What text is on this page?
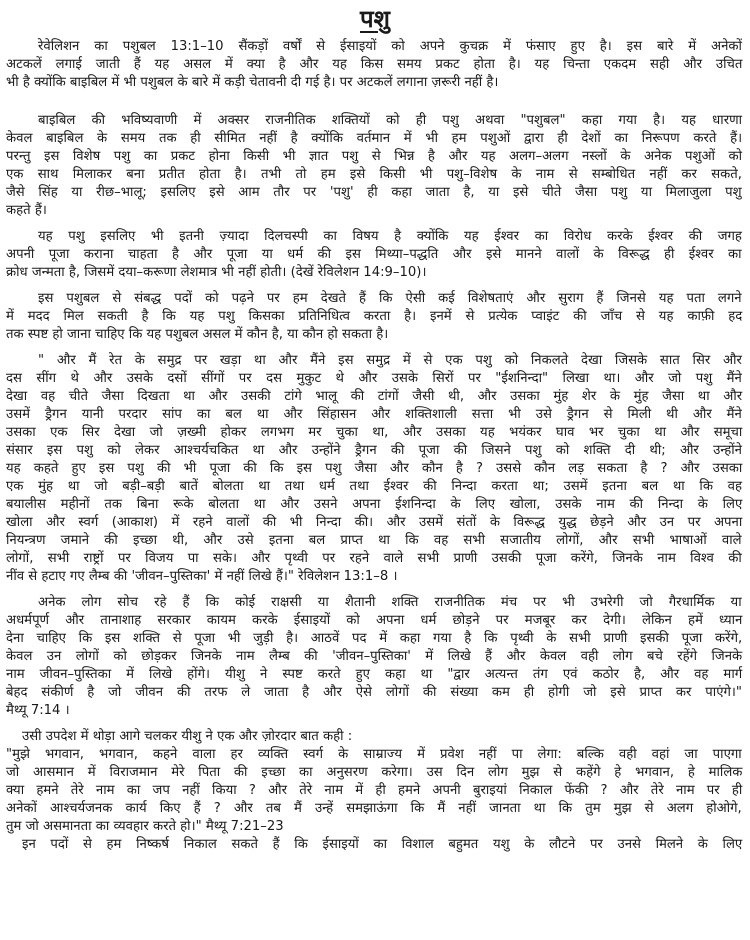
पशु

रेवेलिशन का पशुबल 13:1–10 सैंकड़ों वर्षों से ईसाइयों को अपने कुचक्र में फंसाए हुए है। इस बारे में अनेकों

अटकलें लगाई जाती हैं यह असल में क्या है और यह किस समय प्रकट होता है। यह चिन्ता एकदम सही और उचित

भी है क्योंकि बाइबिल में भी पशुबल के बारे में कड़ी चेतावनी दी गई है। पर अटकलें लगाना ज़रूरी नहीं है।

बाइबिल की भविष्यवाणी में अक्सर राजनीतिक शक्तियों को ही पशु अथवा "पशुबल" कहा गया है। यह धारणा

केवल बाइबिल के समय तक ही सीमित नहीं है क्योंकि वर्तमान में भी हम पशुओं द्वारा ही देशों का निरूपण करते हैं।

परन्तु इस विशेष पशु का प्रकट होना किसी भी ज्ञात पशु से भिन्न है और यह अलग–अलग नस्लों के अनेक पशुओं को

एक साथ मिलाकर बना प्रतीत होता है। तभी तो हम इसे किसी भी पशु–विशेष के नाम से सम्बोधित नहीं कर सकते,

जैसे सिंह या रीछ–भालू; इसलिए इसे आम तौर पर 'पशु' ही कहा जाता है, या इसे चीते जैसा पशु या मिलाजुला पशु

कहते हैं।

यह पशु इसलिए भी इतनी ज़्यादा दिलचस्पी का विषय है क्योंकि यह ईश्वर का विरोध करके ईश्वर की जगह

अपनी पूजा कराना चाहता है और पूजा या धर्म की इस मिथ्या–पद्धति और इसे मानने वालों के विरूद्ध ही ईश्वर का

क्रोध जन्मता है, जिसमें दया–करूणा लेशमात्र भी नहीं होती। (देखें रेविलेशन 14:9–10)।

इस पशुबल से संबद्ध पदों को पढ़ने पर हम देखते हैं कि ऐसी कई विशेषताएं और सुराग हैं जिनसे यह पता लगने

में मदद मिल सकती है कि यह पशु किसका प्रतिनिधित्व करता है। इनमें से प्रत्येक प्वाइंट की जाँच से यह काफ़ी हद

तक स्पष्ट हो जाना चाहिए कि यह पशुबल असल में कौन है, या कौन हो सकता है।

" और मैं रेत के समुद्र पर खड़ा था और मैंने इस समुद्र में से एक पशु को निकलते देखा जिसके सात सिर और

दस सींग थे और उसके दसों सींगों पर दस मुकुट थे और उसके सिरों पर "ईशनिन्दा" लिखा था। और जो पशु मैंने

देखा वह चीते जैसा दिखता था और उसकी टांगे भालू की टांगों जैसी थी, और उसका मुंह शेर के मुंह जैसा था और

उसमें ड्रैगन यानी परदार सांप का बल था और सिंहासन और शक्तिशाली सत्ता भी उसे ड्रैगन से मिली थी और मैंने

उसका एक सिर देखा जो ज़ख्मी होकर लगभग मर चुका था, और उसका यह भयंकर घाव भर चुका था और समूचा

संसार इस पशु को लेकर आश्चर्यचकित था और उन्होंने ड्रैगन की पूजा की जिसने पशु को शक्ति दी थी; और उन्होंने

यह कहते हुए इस पशु की भी पूजा की कि इस पशु जैसा और कौन है ? उससे कौन लड़ सकता है ? और उसका

एक मुंह था जो बड़ी–बड़ी बातें बोलता था तथा धर्म तथा ईश्वर की निन्दा करता था; उसमें इतना बल था कि वह

बयालीस महीनों तक बिना रूके बोलता था और उसने अपना ईशनिन्दा के लिए खोला, उसके नाम की निन्दा के लिए

खोला और स्वर्ग (आकाश) में रहने वालों की भी निन्दा की। और उसमें संतों के विरूद्ध युद्ध छेड़ने और उन पर अपना

नियन्त्रण जमाने की इच्छा थी, और उसे इतना बल प्राप्त था कि वह सभी सजातीय लोगों, और सभी भाषाओं वाले

लोगों, सभी राष्ट्रों पर विजय पा सके। और पृथ्वी पर रहने वाले सभी प्राणी उसकी पूजा करेंगे, जिनके नाम विश्व की

नींव से हटाए गए लैम्ब की 'जीवन–पुस्तिका' में नहीं लिखे हैं।" रेविलेशन 13:1–8 ।

अनेक लोग सोच रहे हैं कि कोई राक्षसी या शैतानी शक्ति राजनीतिक मंच पर भी उभरेगी जो गैरधार्मिक या

अधर्मपूर्ण और तानाशाह सरकार कायम करके ईसाइयों को अपना धर्म छोड़ने पर मजबूर कर देगी। लेकिन हमें ध्यान

देना चाहिए कि इस शक्ति से पूजा भी जुड़ी है। आठवें पद में कहा गया है कि पृथ्वी के सभी प्राणी इसकी पूजा करेंगे,

केवल उन लोगों को छोड़कर जिनके नाम लैम्ब की 'जीवन–पुस्तिका' में लिखे हैं और केवल वही लोग बचे रहेंगे जिनके

नाम जीवन–पुस्तिका में लिखे होंगे। यीशु ने स्पष्ट करते हुए कहा था "द्वार अत्यन्त तंग एवं कठोर है, और वह मार्ग

बेहद संकीर्ण है जो जीवन की तरफ ले जाता है और ऐसे लोगों की संख्या कम ही होगी जो इसे प्राप्त कर पाएंगे।"

मैथ्यू 7:14 ।

उसी उपदेश में थोड़ा आगे चलकर यीशु ने एक और ज़ोरदार बात कही :

"मुझे भगवान, भगवान, कहने वाला हर व्यक्ति स्वर्ग के साम्राज्य में प्रवेश नहीं पा लेगा: बल्कि वही वहां जा पाएगा

जो आसमान में विराजमान मेरे पिता की इच्छा का अनुसरण करेगा। उस दिन लोग मुझ से कहेंगे हे भगवान, हे मालिक

क्या हमने तेरे नाम का जप नहीं किया ? और तेरे नाम में ही हमने अपनी बुराइयां निकाल फेंकी ? और तेरे नाम पर ही

अनेकों आश्चर्यजनक कार्य किए हैं ? और तब मैं उन्हें समझाऊंगा कि मैं नहीं जानता था कि तुम मुझ से अलग होओगे,

तुम जो असमानता का व्यवहार करते हो।" मैथ्यू 7:21–23

इन पदों से हम निष्कर्ष निकाल सकते हैं कि ईसाइयों का विशाल बहुमत यशु के लौटने पर उनसे मिलने के लिए
